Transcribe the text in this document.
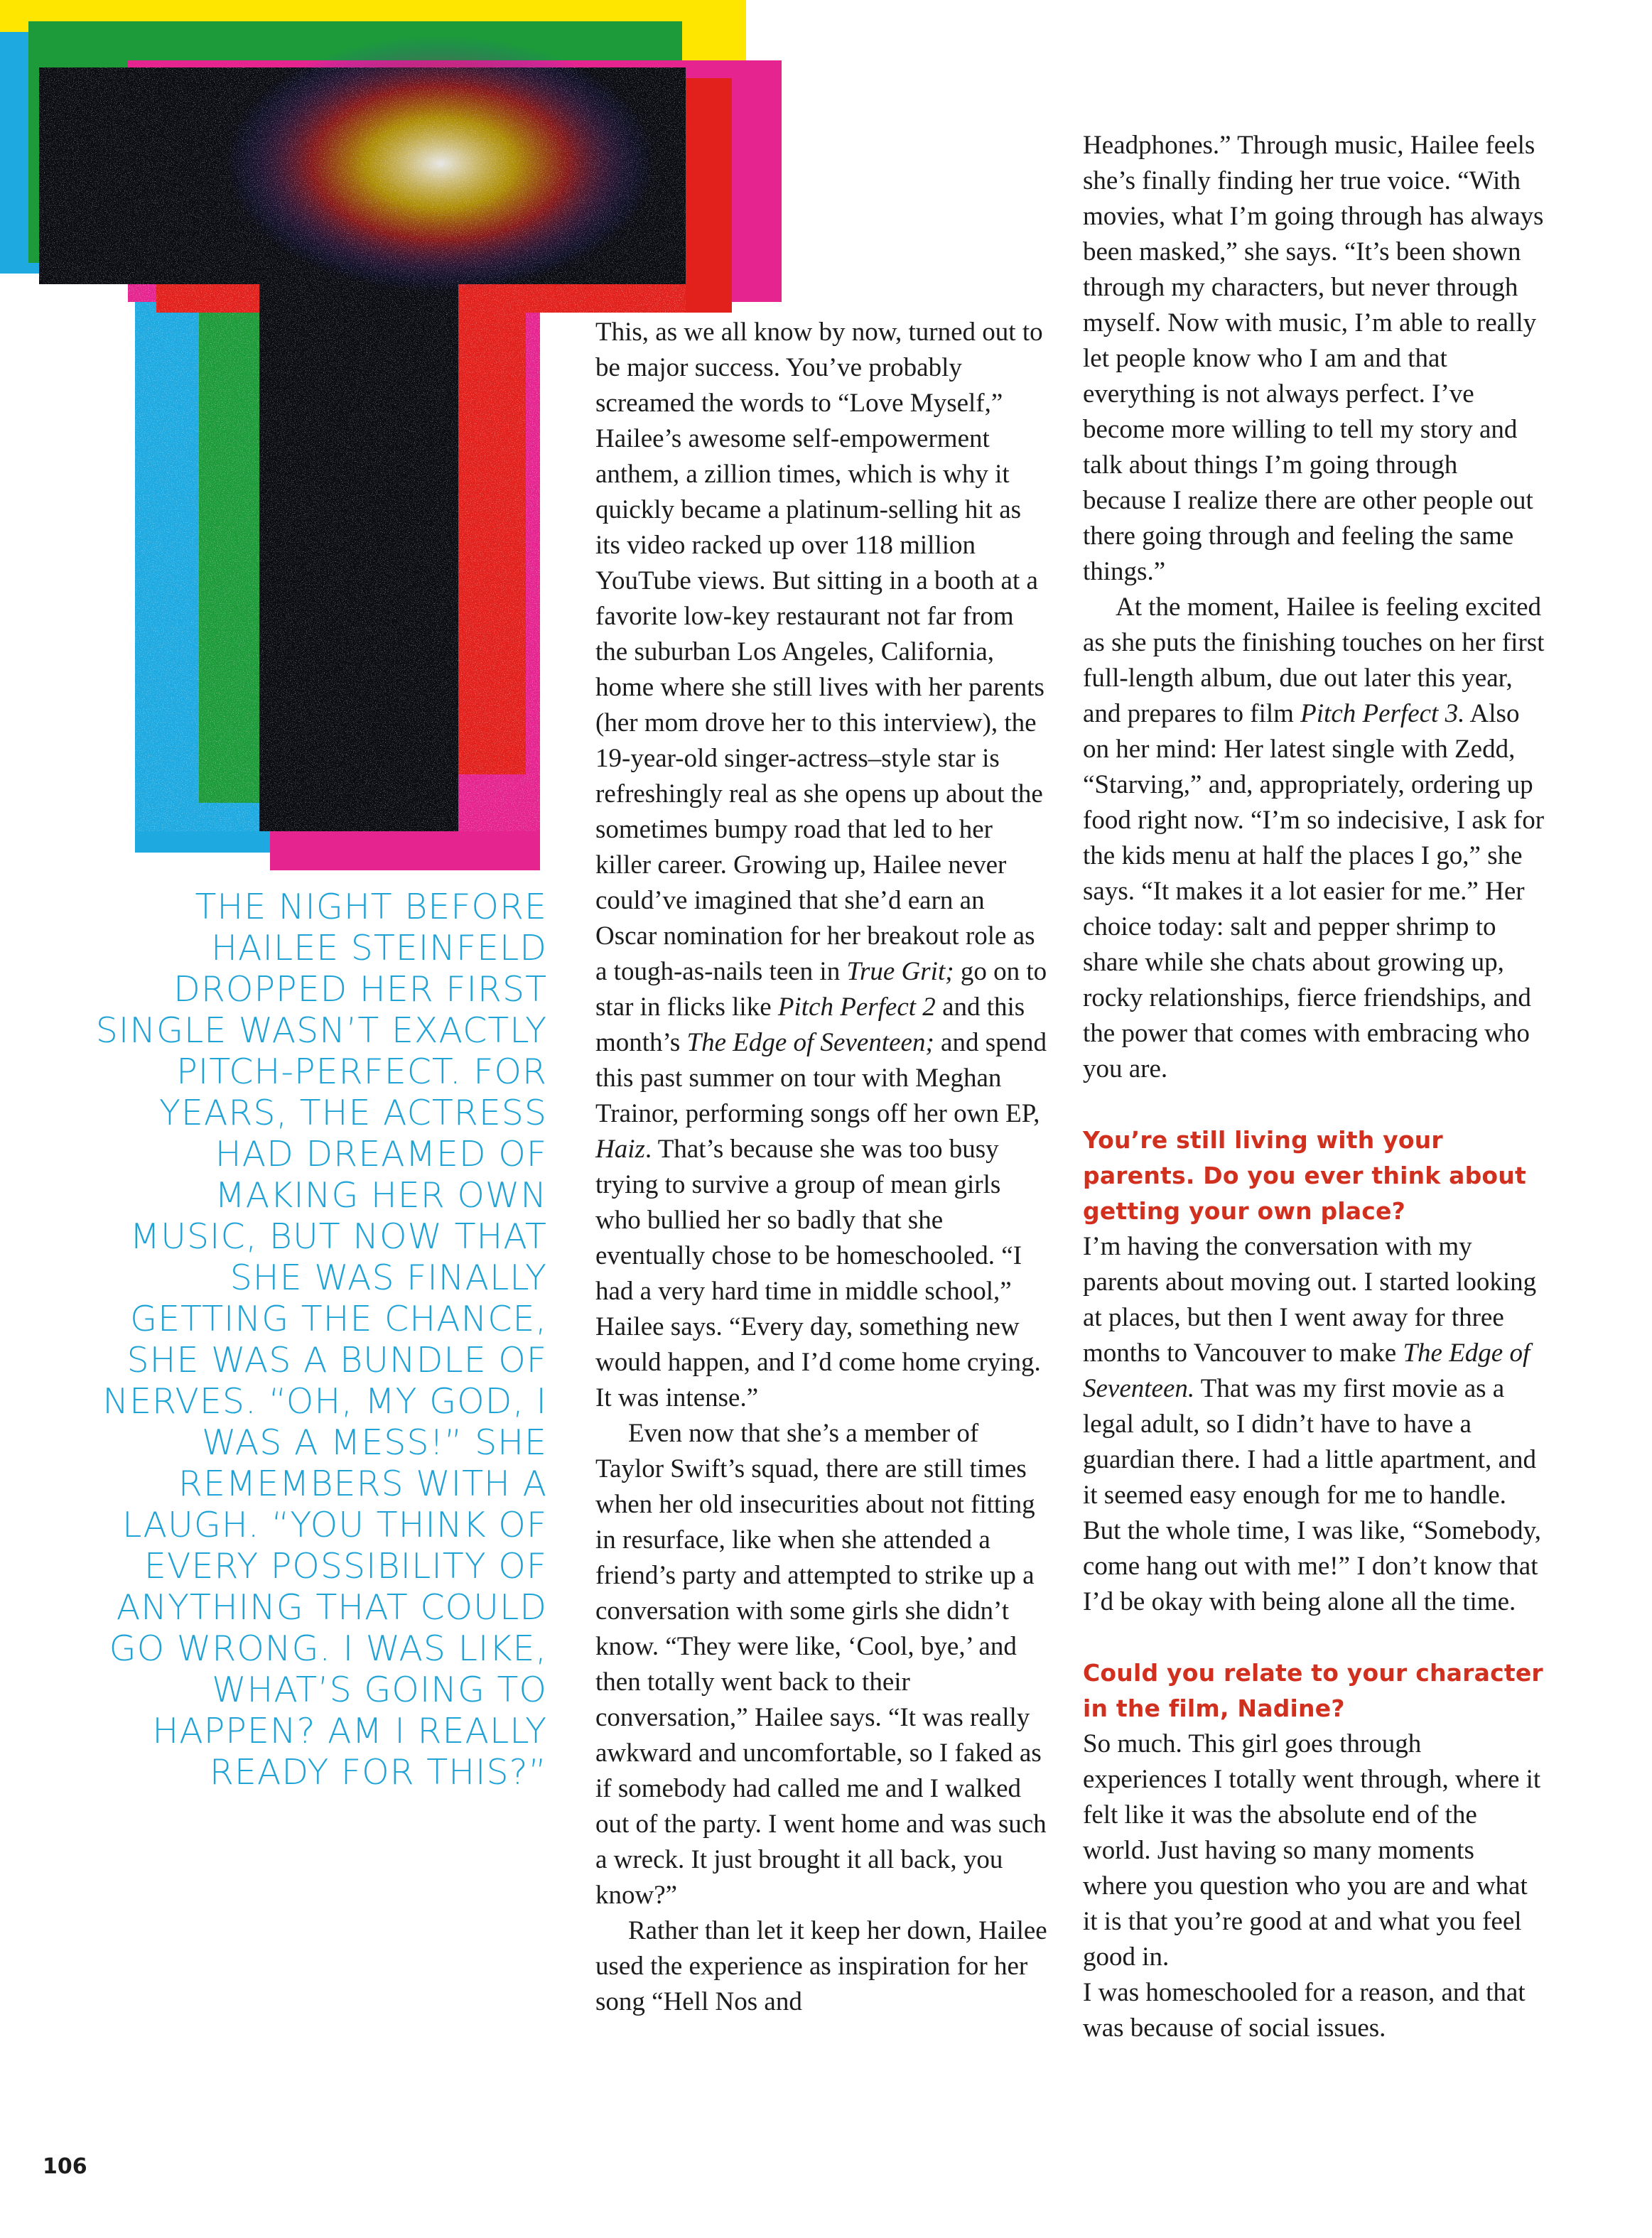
THE NIGHT BEFORE HAILEE STEINFELD DROPPED HER FIRST SINGLE WASN’T EXACTLY PITCH-PERFECT. FOR YEARS, THE ACTRESS HAD DREAMED OF MAKING HER OWN MUSIC, BUT NOW THAT SHE WAS FINALLY GETTING THE CHANCE, SHE WAS A BUNDLE OF NERVES. “OH, MY GOD, I WAS A MESS!” SHE REMEMBERS WITH A LAUGH. “YOU THINK OF EVERY POSSIBILITY OF ANYTHING THAT COULD GO WRONG. I WAS LIKE, WHAT’S GOING TO HAPPEN? AM I REALLY READY FOR THIS?”

This, as we all know by now, turned out to be major success. You’ve probably screamed the words to “Love Myself,” Hailee’s awesome self-empowerment anthem, a zillion times, which is why it quickly became a platinum-selling hit as its video racked up over 118 million YouTube views. But sitting in a booth at a favorite low-key restaurant not far from the suburban Los Angeles, California, home where she still lives with her parents (her mom drove her to this interview), the 19-year-old singer-actress–style star is refreshingly real as she opens up about the sometimes bumpy road that led to her killer career. Growing up, Hailee never could’ve imagined that she’d earn an Oscar nomination for her breakout role as a tough-as-nails teen in True Grit; go on to star in flicks like Pitch Perfect 2 and this month’s The Edge of Seventeen; and spend this past summer on tour with Meghan Trainor, performing songs off her own EP, Haiz. That’s because she was too busy trying to survive a group of mean girls who bullied her so badly that she eventually chose to be homeschooled. “I had a very hard time in middle school,” Hailee says. “Every day, something new would happen, and I’d come home crying. It was intense.”

Even now that she’s a member of Taylor Swift’s squad, there are still times when her old insecurities about not fitting in resurface, like when she attended a friend’s party and attempted to strike up a conversation with some girls she didn’t know. “They were like, ‘Cool, bye,’ and then totally went back to their conversation,” Hailee says. “It was really awkward and uncomfortable, so I faked as if somebody had called me and I walked out of the party. I went home and was such a wreck. It just brought it all back, you know?”

Rather than let it keep her down, Hailee used the experience as inspiration for her song “Hell Nos and

Headphones.” Through music, Hailee feels she’s finally finding her true voice. “With movies, what I’m going through has always been masked,” she says. “It’s been shown through my characters, but never through myself. Now with music, I’m able to really let people know who I am and that everything is not always perfect. I’ve become more willing to tell my story and talk about things I’m going through because I realize there are other people out there going through and feeling the same things.”

At the moment, Hailee is feeling excited as she puts the finishing touches on her first full-length album, due out later this year, and prepares to film Pitch Perfect 3. Also on her mind: Her latest single with Zedd, “Starving,” and, appropriately, ordering up food right now. “I’m so indecisive, I ask for the kids menu at half the places I go,” she says. “It makes it a lot easier for me.” Her choice today: salt and pepper shrimp to share while she chats about growing up, rocky relationships, fierce friendships, and the power that comes with embracing who you are.

You’re still living with your parents. Do you ever think about getting your own place?

I’m having the conversation with my parents about moving out. I started looking at places, but then I went away for three months to Vancouver to make The Edge of Seventeen. That was my first movie as a legal adult, so I didn’t have to have a guardian there. I had a little apartment, and it seemed easy enough for me to handle. But the whole time, I was like, “Somebody, come hang out with me!” I don’t know that I’d be okay with being alone all the time.

Could you relate to your character in the film, Nadine?

So much. This girl goes through experiences I totally went through, where it felt like it was the absolute end of the world. Just having so many moments where you question who you are and what it is that you’re good at and what you feel good in.

I was homeschooled for a reason, and that was because of social issues.

106
